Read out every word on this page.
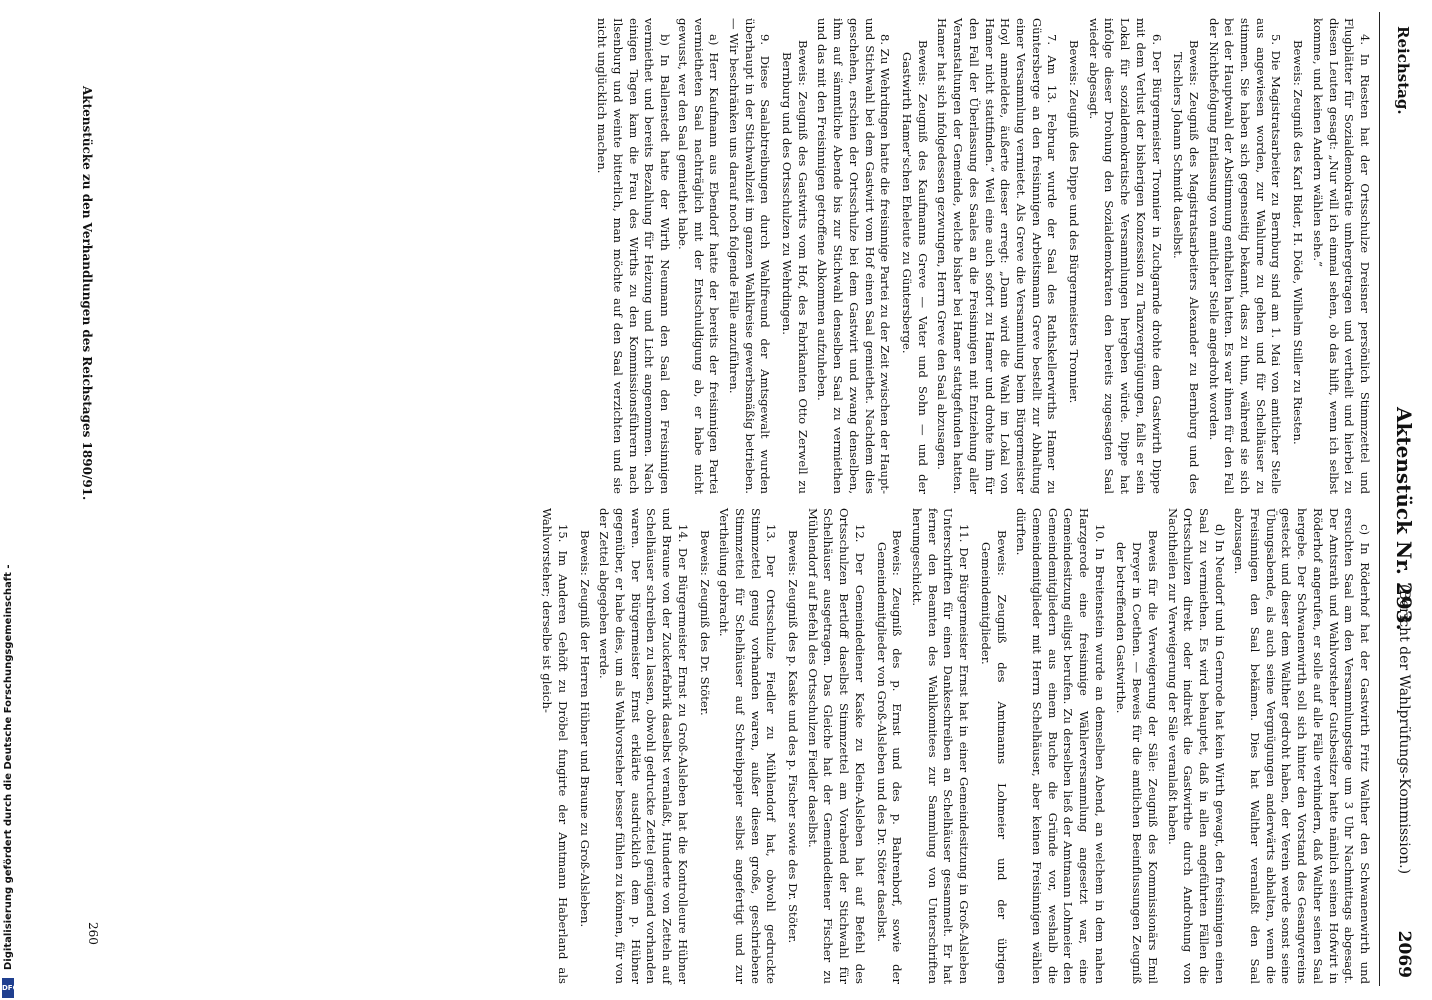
Reichstag.
Aktenstück Nr. 293.
(Bericht der Wahlprüfungs-Kommission.)
2069

4. In Riesten hat der Ortsschulze Dreisner persönlich Stimmzettel und Flugblätter für Sozialdemokratie umhergetragen und vertheilt und hierbei zu diesen Leuten gesagt: „Nur will ich einmal sehen, ob das hilft, wenn ich selbst komme, und keinen Andern wählen sehe.“

Beweis: Zeugniß des Karl Bider, H. Döde, Wilhelm Stiller zu Riesten.

5. Die Magistratsarbeiter zu Bernburg sind am 1. Mai von amtlicher Stelle aus angewiesen worden, zur Wahlurne zu gehen und für Schelhäuser zu stimmen. Sie haben sich gegenseitig bekannt, dass zu thun, während sie sich bei der Hauptwahl der Abstimmung enthalten hatten. Es war ihnen für den Fall der Nichtbefolgung Entlassung von amtlicher Stelle angedroht worden.

Beweis: Zeugniß des Magistratsarbeiters Alexander zu Bernburg und des Tischlers Johann Schmidt daselbst.

6. Der Bürgermeister Tronnier in Zuchgarnde drohte dem Gastwirth Dippe mit dem Verlust der bisherigen Konzession zu Tanzvergnügungen, falls er sein Lokal für sozialdemokratische Versammlungen hergeben würde. Dippe hat infolge dieser Drohung den Sozialdemokraten den bereits zugesagten Saal wieder abgesagt.

Beweis: Zeugniß des Dippe und des Bürgermeisters Tronnier.

7. Am 13. Februar wurde der Saal des Rathskellerwirths Hamer zu Güntersberge an den freisinnigen Arbeitsmann Greve bestellt zur Abhaltung einer Versammlung vermietet. Als Greve die Versammlung beim Bürgermeister Hoyl anmeldete, äußerte dieser erregt: „Dann wird die Wahl im Lokal von Hamer nicht stattfinden.“ Weil eine auch sofort zu Hamer und drohte ihm für den Fall der Überlassung des Saales an die Freisinnigen mit Entziehung aller Veranstaltungen der Gemeinde, welche bisher bei Hamer stattgefunden hatten. Hamer hat sich infolgedessen gezwungen, Herrn Greve den Saal abzusagen.

Beweis: Zeugniß des Kaufmanns Greve — Vater und Sohn — und der Gastwirth Hamer'schen Eheleute zu Güntersberge.

8. Zu Wehrdingen hatte die freisinnige Partei zu der Zeit zwischen der Haupt- und Stichwahl bei dem Gastwirt vom Hof einen Saal gemiethet. Nachdem dies geschehen, erschien der Ortsschulze bei dem Gastwirt und zwang denselben, ihm auf sämmtliche Abende bis zur Stichwahl denselben Saal zu vermiethen und das mit den Freisinnigen getroffene Abkommen aufzuheben.

Beweis: Zeugniß des Gastwirts vom Hof, des Fabrikanten Otto Zerwell zu Bernburg und des Ortsschulzen zu Wehrdingen.

9. Diese Saalabtreibungen durch Wahlfreund der Amtsgewalt wurden überhaupt in der Stichwahlzeit im ganzen Wahlkreise gewerbsmäßig betrieben. — Wir beschränken uns darauf noch folgende Fälle anzuführen.

a) Herr Kaufmann aus Ebendorf hatte der bereits der freisinnigen Partei vermietheten Saal nachträglich mit der Entschuldigung ab, er habe nicht gewusst, wer den Saal gemiethet habe.

b) In Ballenstedt hatte der Wirth Neumann den Saal den Freisinnigen vermiethet und bereits Bezahlung für Heizung und Licht angenommen. Nach einigen Tagen kam die Frau des Wirths zu den Kommissionsführern nach Ilsenburg und weinte bitterlich, man möchte auf den Saal verzichten und sie nicht unglücklich machen.

c) In Röderhof hat der Gastwirth Fritz Walther den Schwanenwirth und ersuchten Saal am den Versammlungstage um 3 Uhr Nachmittags abgesagt. Der Amtsrath und Wahlvorsteher Gutsbesitzer hatte nämlich seinen Hofwirt in Röderhof angerufen, er solle auf alle Fälle verhindern, daß Walther seinen Saal hergebe. Der Schwanenwirth soll sich hinter den Vorstand des Gesangvereins gesteckt und dieser dem Walther gedroht haben, der Verein werde sonst seine Übungsabende, als auch seine Vergnügungen anderwärts abhalten, wenn die Freisinnigen den Saal bekämen. Dies hat Walther veranlaßt den Saal abzusagen.

d) In Neudorf und in Gernrode hat kein Wirth gewagt, den freisinnigen einen Saal zu vermiethen. Es wird behauptet, daß in allen angeführten Fällen die Ortsschulzen direkt oder indirekt die Gastwirthe durch Androhung von Nachtheilen zur Verweigerung der Säle veranlaßt haben.

Beweis für die Verweigerung der Säle: Zeugniß des Kommissionärs Emil Dreyer in Coethen. — Beweis für die amtlichen Beeinflussungen Zeugniß der betreffenden Gastwirthe.

10. In Breitenstein wurde an demselben Abend, an welchem in dem nahen Harzgerode eine freisinnige Wählerversammlung angesetzt war, eine Gemeindesitzung eiligst berufen. Zu derselben ließ der Amtmann Lohmeier den Gemeindemitgliedern aus einem Buche die Gründe vor, weshalb die Gemeindemitglieder mit Herrn Schelhäuser, aber keinen Freisinnigen wählen dürften.

Beweis: Zeugniß des Amtmanns Lohmeier und der übrigen Gemeindemitglieder.

11. Der Bürgermeister Ernst hat in einer Gemeindesitzung in Groß-Alsleben Unterschriften für einen Dankeschreiben an Schelhäuser gesammelt. Er hat ferner den Beamten des Wahlkomitees zur Sammlung von Unterschriften herumgeschickt.

Beweis: Zeugniß des p. Ernst und des p. Bahrenborf, sowie der Gemeindemitglieder von Groß-Alsleben und des Dr. Stöter daselbst.

12. Der Gemeindediener Kaske zu Klein-Alsleben hat auf Befehl des Ortsschulzen Bertloff daselbst Stimmzettel am Vorabend der Stichwahl für Schelhäuser ausgetragen. Das Gleiche hat der Gemeindediener Fischer zu Mühlendorf auf Befehl des Ortsschulzen Fiedler daselbst.

Beweis: Zeugniß des p. Kaske und des p. Fischer sowie des Dr. Stöter.

13. Der Ortsschulze Fiedler zu Mühlendorf hat, obwohl gedruckte Stimmzettel genug vorhanden waren, außer diesen große, geschriebene Stimmzettel für Schelhäuser auf Schreibpapier selbst angefertigt und zur Vertheilung gebracht.

Beweis: Zeugniß des Dr. Stöter.

14. Der Bürgermeister Ernst zu Groß-Alsleben hat die Kontrolleure Hübner und Braune von der Zuckerfabrik daselbst veranlaßt, Hunderte von Zetteln auf Schelhäuser schreiben zu lassen, obwohl gedruckte Zettel genügend vorhanden waren. Der Bürgermeister Ernst erklärte ausdrücklich dem p. Hübner gegenüber, er habe dies, um als Wahlvorsteher besser fühlen zu können, für von der Zettel abgegeben werde.

Beweis: Zeugniß der Herren Hübner und Braune zu Groß-Alsleben.

15. Im Anderen Gehöft zu Dröbel fungirte der Amtmann Haberland als Wahlvorsteher; derselbe ist gleich-

Aktenstücke zu den Verhandlungen des Reichstages 1890/91.
260
Digitalisierung gefördert durch die Deutsche Forschungsgemeinschaft -
DFG
